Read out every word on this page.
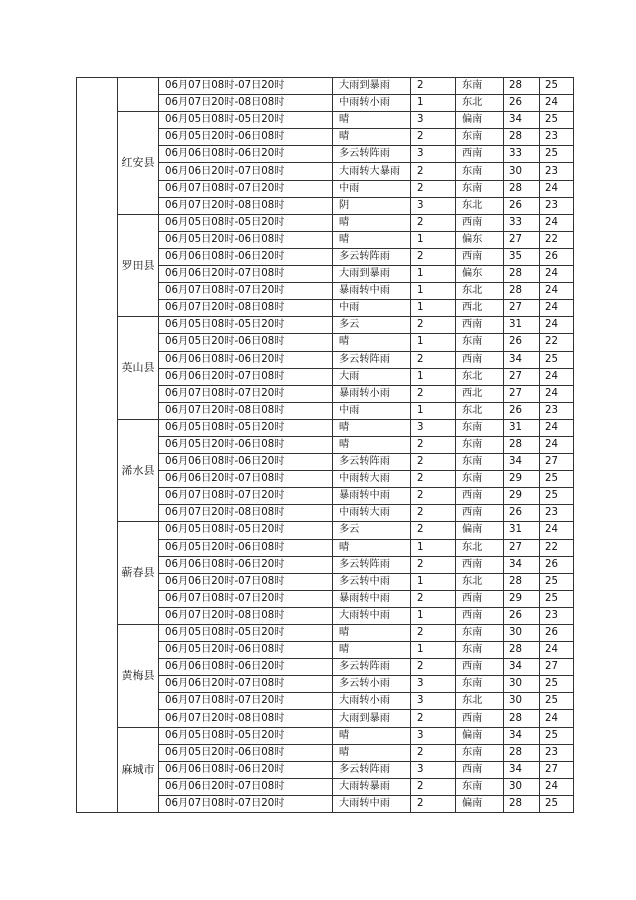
		06月07日08时-07日20时	大雨到暴雨	2	东南	28	25
		06月07日20时-08日08时	中雨转小雨	1	东北	26	24
	红安县	06月05日08时-05日20时	晴	3	偏南	34	25
		06月05日20时-06日08时	晴	2	东南	28	23
		06月06日08时-06日20时	多云转阵雨	3	西南	33	25
		06月06日20时-07日08时	大雨转大暴雨	2	东南	30	23
		06月07日08时-07日20时	中雨	2	东南	28	24
		06月07日20时-08日08时	阴	3	东北	26	23
	罗田县	06月05日08时-05日20时	晴	2	西南	33	24
		06月05日20时-06日08时	晴	1	偏东	27	22
		06月06日08时-06日20时	多云转阵雨	2	西南	35	26
		06月06日20时-07日08时	大雨到暴雨	1	偏东	28	24
		06月07日08时-07日20时	暴雨转中雨	1	东北	28	24
		06月07日20时-08日08时	中雨	1	西北	27	24
	英山县	06月05日08时-05日20时	多云	2	西南	31	24
		06月05日20时-06日08时	晴	1	东南	26	22
		06月06日08时-06日20时	多云转阵雨	2	西南	34	25
		06月06日20时-07日08时	大雨	1	东北	27	24
		06月07日08时-07日20时	暴雨转小雨	2	西北	27	24
		06月07日20时-08日08时	中雨	1	东北	26	23
	浠水县	06月05日08时-05日20时	晴	3	东南	31	24
		06月05日20时-06日08时	晴	2	东南	28	24
		06月06日08时-06日20时	多云转阵雨	2	东南	34	27
		06月06日20时-07日08时	中雨转大雨	2	东南	29	25
		06月07日08时-07日20时	暴雨转中雨	2	西南	29	25
		06月07日20时-08日08时	中雨转大雨	2	西南	26	23
	蕲春县	06月05日08时-05日20时	多云	2	偏南	31	24
		06月05日20时-06日08时	晴	1	东北	27	22
		06月06日08时-06日20时	多云转阵雨	2	西南	34	26
		06月06日20时-07日08时	多云转中雨	1	东北	28	25
		06月07日08时-07日20时	暴雨转中雨	2	西南	29	25
		06月07日20时-08日08时	大雨转中雨	1	西南	26	23
	黄梅县	06月05日08时-05日20时	晴	2	东南	30	26
		06月05日20时-06日08时	晴	1	东南	28	24
		06月06日08时-06日20时	多云转阵雨	2	西南	34	27
		06月06日20时-07日08时	多云转小雨	3	东南	30	25
		06月07日08时-07日20时	大雨转小雨	3	东北	30	25
		06月07日20时-08日08时	大雨到暴雨	2	西南	28	24
	麻城市	06月05日08时-05日20时	晴	3	偏南	34	25
		06月05日20时-06日08时	晴	2	东南	28	23
		06月06日08时-06日20时	多云转阵雨	3	西南	34	27
		06月06日20时-07日08时	大雨转暴雨	2	东南	30	24
		06月07日08时-07日20时	大雨转中雨	2	偏南	28	25
